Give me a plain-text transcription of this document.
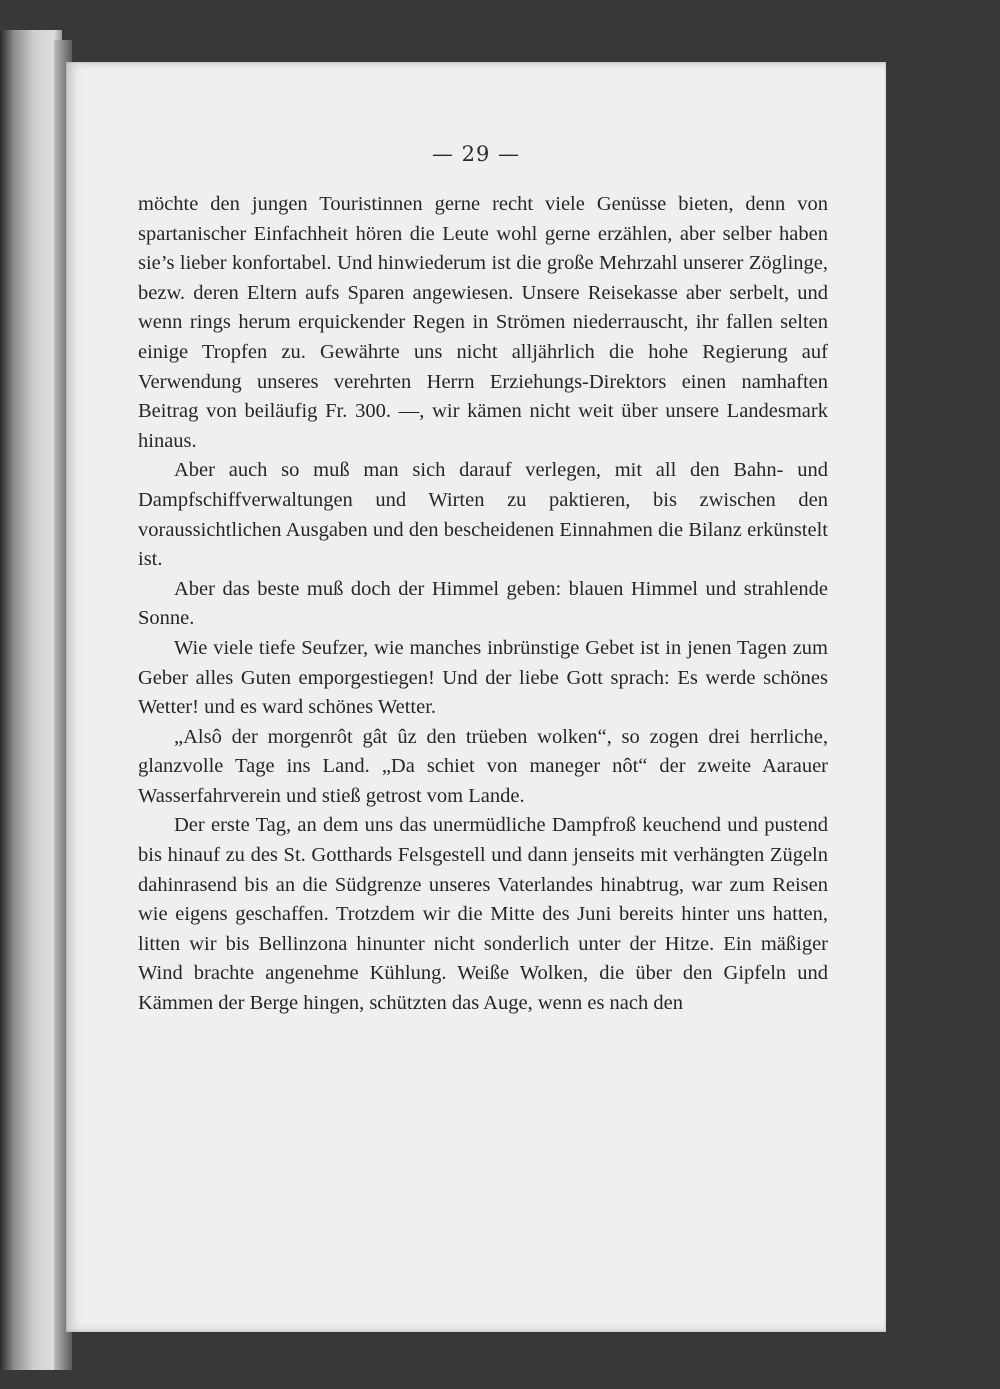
— 29 —

möchte den jungen Touristinnen gerne recht viele Genüsse bieten, denn von spartanischer Einfachheit hören die Leute wohl gerne erzählen, aber selber haben sie’s lieber konfortabel. Und hinwiederum ist die große Mehrzahl unserer Zöglinge, bezw. deren Eltern aufs Sparen angewiesen. Unsere Reisekasse aber serbelt, und wenn rings herum erquickender Regen in Strömen niederrauscht, ihr fallen selten einige Tropfen zu. Gewährte uns nicht alljährlich die hohe Regierung auf Verwendung unseres verehrten Herrn Erziehungs-Direktors einen namhaften Beitrag von beiläufig Fr. 300. —, wir kämen nicht weit über unsere Landesmark hinaus.

Aber auch so muß man sich darauf verlegen, mit all den Bahn- und Dampfschiffverwaltungen und Wirten zu paktieren, bis zwischen den voraussichtlichen Ausgaben und den bescheidenen Einnahmen die Bilanz erkünstelt ist.

Aber das beste muß doch der Himmel geben: blauen Himmel und strahlende Sonne.

Wie viele tiefe Seufzer, wie manches inbrünstige Gebet ist in jenen Tagen zum Geber alles Guten emporgestiegen! Und der liebe Gott sprach: Es werde schönes Wetter! und es ward schönes Wetter.

„Alsô der morgenrôt gât ûz den trüeben wolken“, so zogen drei herrliche, glanzvolle Tage ins Land. „Da schiet von maneger nôt“ der zweite Aarauer Wasserfahrverein und stieß getrost vom Lande.

Der erste Tag, an dem uns das unermüdliche Dampfroß keuchend und pustend bis hinauf zu des St. Gotthards Felsgestell und dann jenseits mit verhängten Zügeln dahinrasend bis an die Südgrenze unseres Vaterlandes hinabtrug, war zum Reisen wie eigens geschaffen. Trotzdem wir die Mitte des Juni bereits hinter uns hatten, litten wir bis Bellinzona hinunter nicht sonderlich unter der Hitze. Ein mäßiger Wind brachte angenehme Kühlung. Weiße Wolken, die über den Gipfeln und Kämmen der Berge hingen, schützten das Auge, wenn es nach den
